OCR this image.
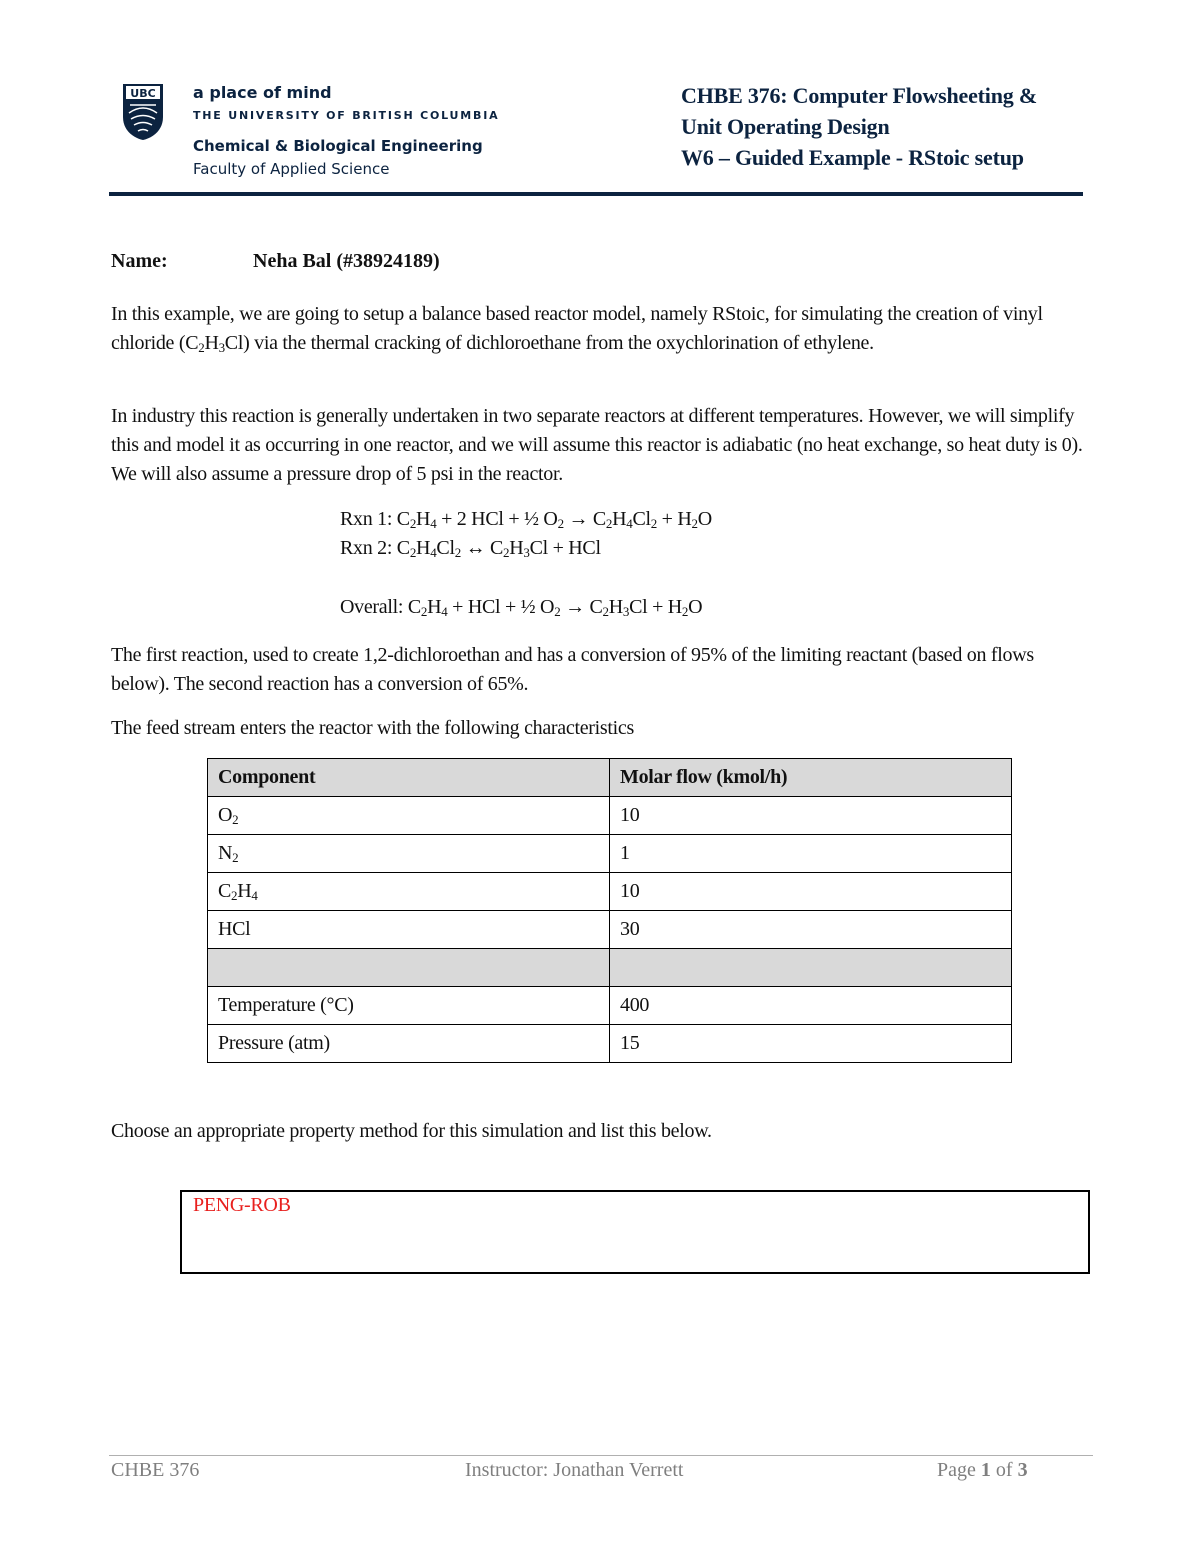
UBC a place of mind
THE UNIVERSITY OF BRITISH COLUMBIA
Chemical & Biological Engineering
Faculty of Applied Science
CHBE 376: Computer Flowsheeting &
Unit Operating Design
W6 – Guided Example - RStoic setup
Name:	Neha Bal (#38924189)

In this example, we are going to setup a balance based reactor model, namely RStoic, for simulating the creation of vinyl chloride $(C_2H_3Cl)$ via the thermal cracking of dichloroethane from the oxychlorination of ethylene.

In industry this reaction is generally undertaken in two separate reactors at different temperatures. However, we will simplify this and model it as occurring in one reactor, and we will assume this reactor is adiabatic (no heat exchange, so heat duty is 0). We will also assume a pressure drop of 5 psi in the reactor.

Rxn 1: $C_2H_4 + 2$ HCl + ½ $O_2 \to C_2H_4Cl_2 + H_2O$
Rxn 2: $C_2H_4Cl_2$ ↔ $C_2H_3Cl$ + HCl
Overall: $C_2H_4$ + HCl + ½ $O_2 \to C_2H_3Cl + H_2O$

The first reaction, used to create 1,2-dichloroethan and has a conversion of 95% of the limiting reactant (based on flows below). The second reaction has a conversion of 65%.

The feed stream enters the reactor with the following characteristics

Component	Molar flow (kmol/h)
$O_2$	10
$N_2$	1
$C_2H_4$	10
HCl	30

Temperature (°C)	400
Pressure (atm)	15

Choose an appropriate property method for this simulation and list this below.

PENG-ROB
CHBE 376	Instructor: Jonathan Verrett	Page 1 of 3
